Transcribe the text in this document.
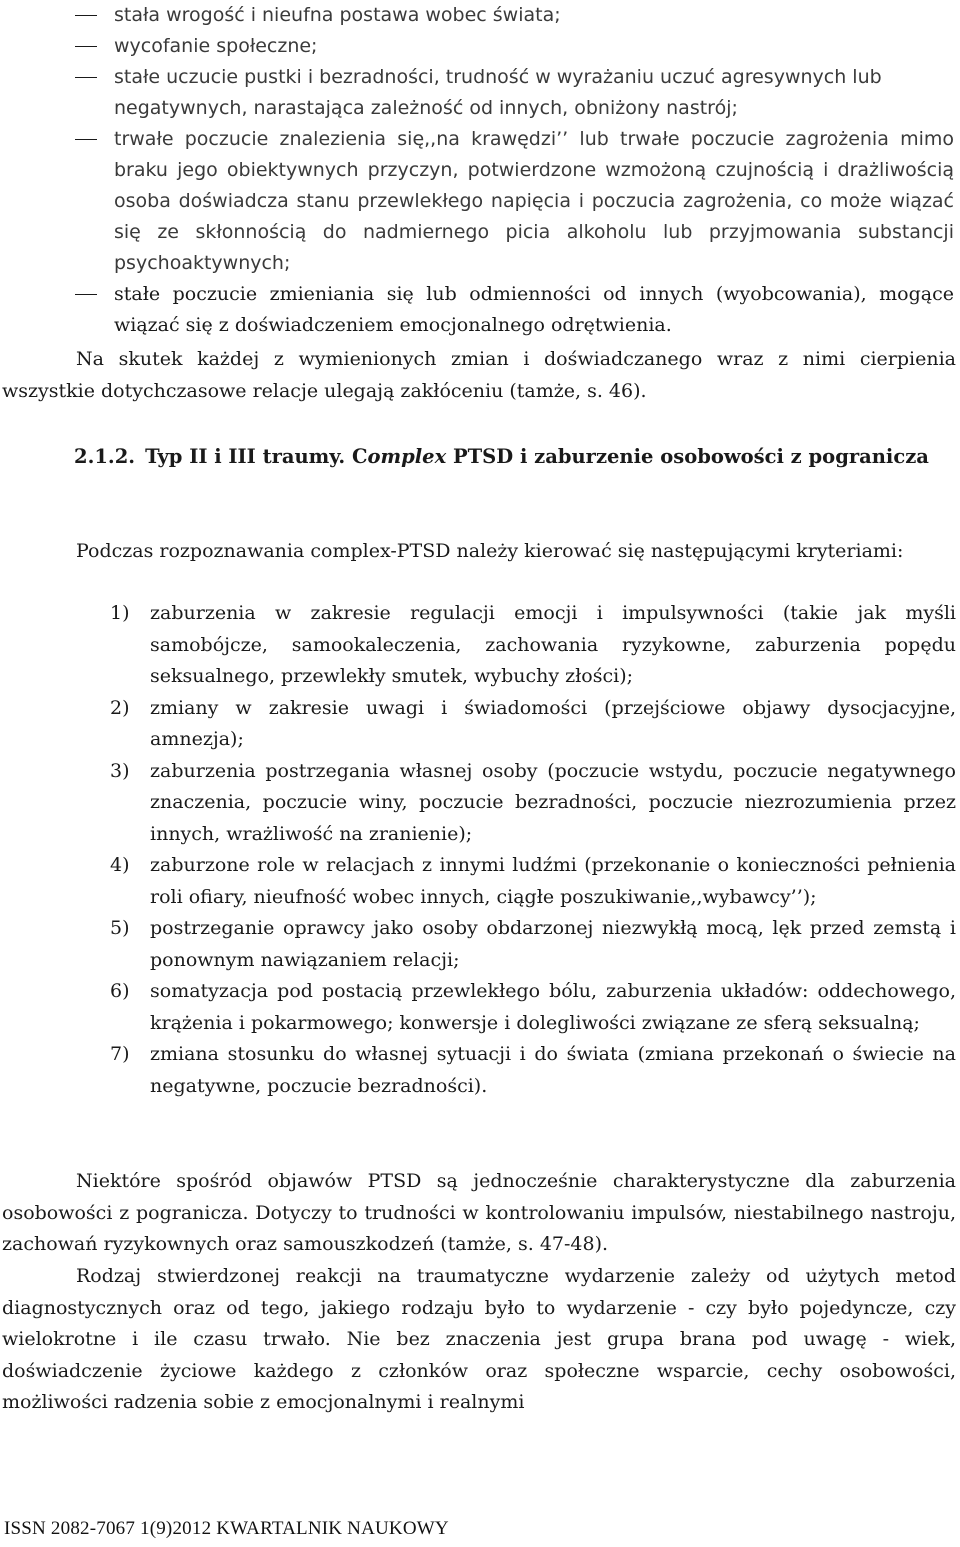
stała wrogość i nieufna postawa wobec świata;
wycofanie społeczne;
stałe uczucie pustki i bezradności, trudność w wyrażaniu uczuć agresywnych lub negatywnych, narastająca zależność od innych, obniżony nastrój;
trwałe poczucie znalezienia się,,na krawędzi’’ lub trwałe poczucie zagrożenia mimo braku jego obiektywnych przyczyn, potwierdzone wzmożoną czujnością i drażliwością osoba doświadcza stanu przewlekłego napięcia i poczucia zagrożenia, co może wiązać się ze skłonnością do nadmiernego picia alkoholu lub przyjmowania substancji psychoaktywnych;
stałe poczucie zmieniania się lub odmienności od innych (wyobcowania), mogące wiązać się z doświadczeniem emocjonalnego odrętwienia.

Na skutek każdej z wymienionych zmian i doświadczanego wraz z nimi cierpienia wszystkie dotychczasowe relacje ulegają zakłóceniu (tamże, s. 46).

2.1.2. Typ II i III traumy. Complex PTSD i zaburzenie osobowości z pogranicza

Podczas rozpoznawania complex-PTSD należy kierować się następującymi kryteriami:

1) zaburzenia w zakresie regulacji emocji i impulsywności (takie jak myśli samobójcze, samookaleczenia, zachowania ryzykowne, zaburzenia popędu seksualnego, przewlekły smutek, wybuchy złości);
2) zmiany w zakresie uwagi i świadomości (przejściowe objawy dysocjacyjne, amnezja);
3) zaburzenia postrzegania własnej osoby (poczucie wstydu, poczucie negatywnego znaczenia, poczucie winy, poczucie bezradności, poczucie niezrozumienia przez innych, wrażliwość na zranienie);
4) zaburzone role w relacjach z innymi ludźmi (przekonanie o konieczności pełnienia roli ofiary, nieufność wobec innych, ciągłe poszukiwanie,,wybawcy’’);
5) postrzeganie oprawcy jako osoby obdarzonej niezwykłą mocą, lęk przed zemstą i ponownym nawiązaniem relacji;
6) somatyzacja pod postacią przewlekłego bólu, zaburzenia układów: oddechowego, krążenia i pokarmowego; konwersje i dolegliwości związane ze sferą seksualną;
7) zmiana stosunku do własnej sytuacji i do świata (zmiana przekonań o świecie na negatywne, poczucie bezradności).

Niektóre spośród objawów PTSD są jednocześnie charakterystyczne dla zaburzenia osobowości z pogranicza. Dotyczy to trudności w kontrolowaniu impulsów, niestabilnego nastroju, zachowań ryzykownych oraz samouszkodzeń (tamże, s. 47-48).

Rodzaj stwierdzonej reakcji na traumatyczne wydarzenie zależy od użytych metod diagnostycznych oraz od tego, jakiego rodzaju było to wydarzenie - czy było pojedyncze, czy wielokrotne i ile czasu trwało. Nie bez znaczenia jest grupa brana pod uwagę - wiek, doświadczenie życiowe każdego z członków oraz społeczne wsparcie, cechy osobowości, możliwości radzenia sobie z emocjonalnymi i realnymi

ISSN 2082-7067 1(9)2012 KWARTALNIK NAUKOWY
